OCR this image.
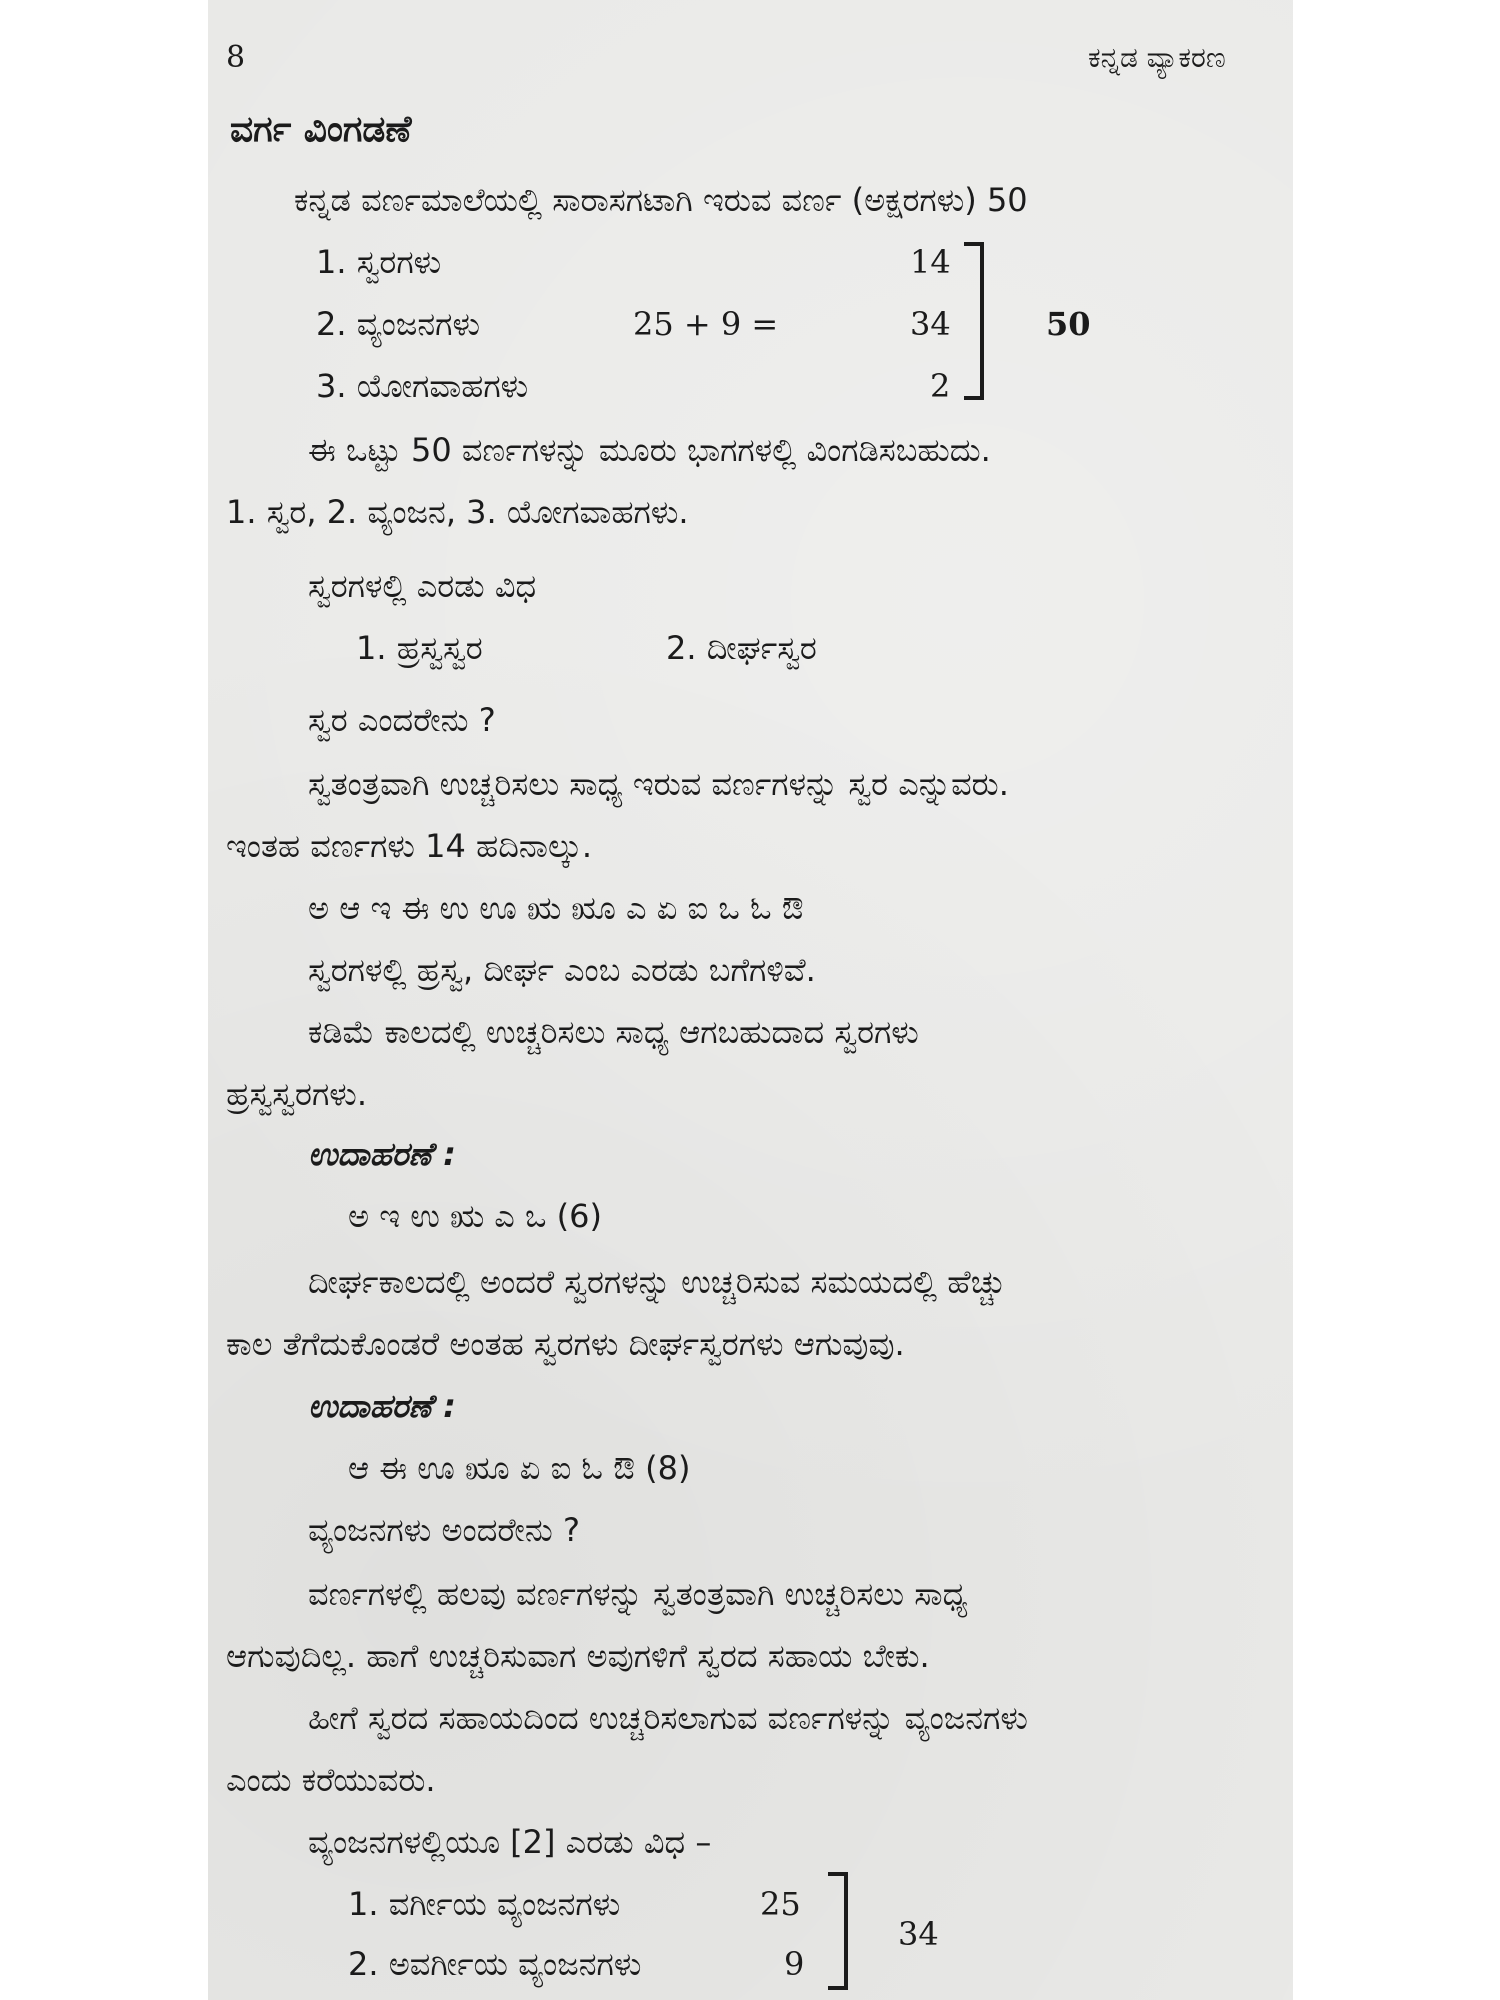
8	ಕನ್ನಡ ವ್ಯಾಕರಣ
ವರ್ಗ ವಿಂಗಡಣೆ
ಕನ್ನಡ ವರ್ಣಮಾಲೆಯಲ್ಲಿ ಸಾರಾಸಗಟಾಗಿ ಇರುವ ವರ್ಣ (ಅಕ್ಷರಗಳು) 50
1. ಸ್ವರಗಳು	14
2. ವ್ಯಂಜನಗಳು	25 + 9 =	34
3. ಯೋಗವಾಹಗಳು	2
50
ಈ ಒಟ್ಟು 50 ವರ್ಣಗಳನ್ನು ಮೂರು ಭಾಗಗಳಲ್ಲಿ ವಿಂಗಡಿಸಬಹುದು.
1. ಸ್ವರ, 2. ವ್ಯಂಜನ, 3. ಯೋಗವಾಹಗಳು.
ಸ್ವರಗಳಲ್ಲಿ ಎರಡು ವಿಧ
1. ಹ್ರಸ್ವಸ್ವರ	2. ದೀರ್ಘಸ್ವರ
ಸ್ವರ ಎಂದರೇನು ?
ಸ್ವತಂತ್ರವಾಗಿ ಉಚ್ಚರಿಸಲು ಸಾಧ್ಯ ಇರುವ ವರ್ಣಗಳನ್ನು ಸ್ವರ ಎನ್ನುವರು.
ಇಂತಹ ವರ್ಣಗಳು 14 ಹದಿನಾಲ್ಕು.
ಅ ಆ ಇ ಈ ಉ ಊ ಋ ೠ ಎ ಏ ಐ ಒ ಓ ಔ
ಸ್ವರಗಳಲ್ಲಿ ಹ್ರಸ್ವ, ದೀರ್ಘ ಎಂಬ ಎರಡು ಬಗೆಗಳಿವೆ.
ಕಡಿಮೆ ಕಾಲದಲ್ಲಿ ಉಚ್ಚರಿಸಲು ಸಾಧ್ಯ ಆಗಬಹುದಾದ ಸ್ವರಗಳು
ಹ್ರಸ್ವಸ್ವರಗಳು.
ಉದಾಹರಣೆ :
ಅ ಇ ಉ ಋ ಎ ಒ (6)
ದೀರ್ಘಕಾಲದಲ್ಲಿ ಅಂದರೆ ಸ್ವರಗಳನ್ನು ಉಚ್ಚರಿಸುವ ಸಮಯದಲ್ಲಿ ಹೆಚ್ಚು
ಕಾಲ ತೆಗೆದುಕೊಂಡರೆ ಅಂತಹ ಸ್ವರಗಳು ದೀರ್ಘಸ್ವರಗಳು ಆಗುವುವು.
ಉದಾಹರಣೆ :
ಆ ಈ ಊ ೠ ಏ ಐ ಓ ಔ (8)
ವ್ಯಂಜನಗಳು ಅಂದರೇನು ?
ವರ್ಣಗಳಲ್ಲಿ ಹಲವು ವರ್ಣಗಳನ್ನು ಸ್ವತಂತ್ರವಾಗಿ ಉಚ್ಚರಿಸಲು ಸಾಧ್ಯ
ಆಗುವುದಿಲ್ಲ. ಹಾಗೆ ಉಚ್ಚರಿಸುವಾಗ ಅವುಗಳಿಗೆ ಸ್ವರದ ಸಹಾಯ ಬೇಕು.
ಹೀಗೆ ಸ್ವರದ ಸಹಾಯದಿಂದ ಉಚ್ಚರಿಸಲಾಗುವ ವರ್ಣಗಳನ್ನು ವ್ಯಂಜನಗಳು
ಎಂದು ಕರೆಯುವರು.
ವ್ಯಂಜನಗಳಲ್ಲಿಯೂ [2] ಎರಡು ವಿಧ –
1. ವರ್ಗೀಯ ವ್ಯಂಜನಗಳು	25
2. ಅವರ್ಗೀಯ ವ್ಯಂಜನಗಳು	9
34
